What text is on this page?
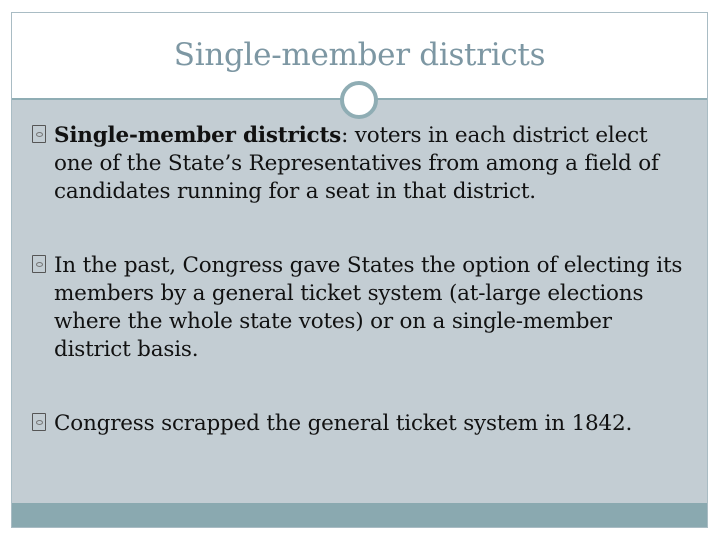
Single-member districts
Single-member districts: voters in each district elect one of the State’s Representatives from among a field of candidates running for a seat in that district.
In the past, Congress gave States the option of electing its members by a general ticket system (at-large elections where the whole state votes) or on a single-member district basis.
Congress scrapped the general ticket system in 1842.
